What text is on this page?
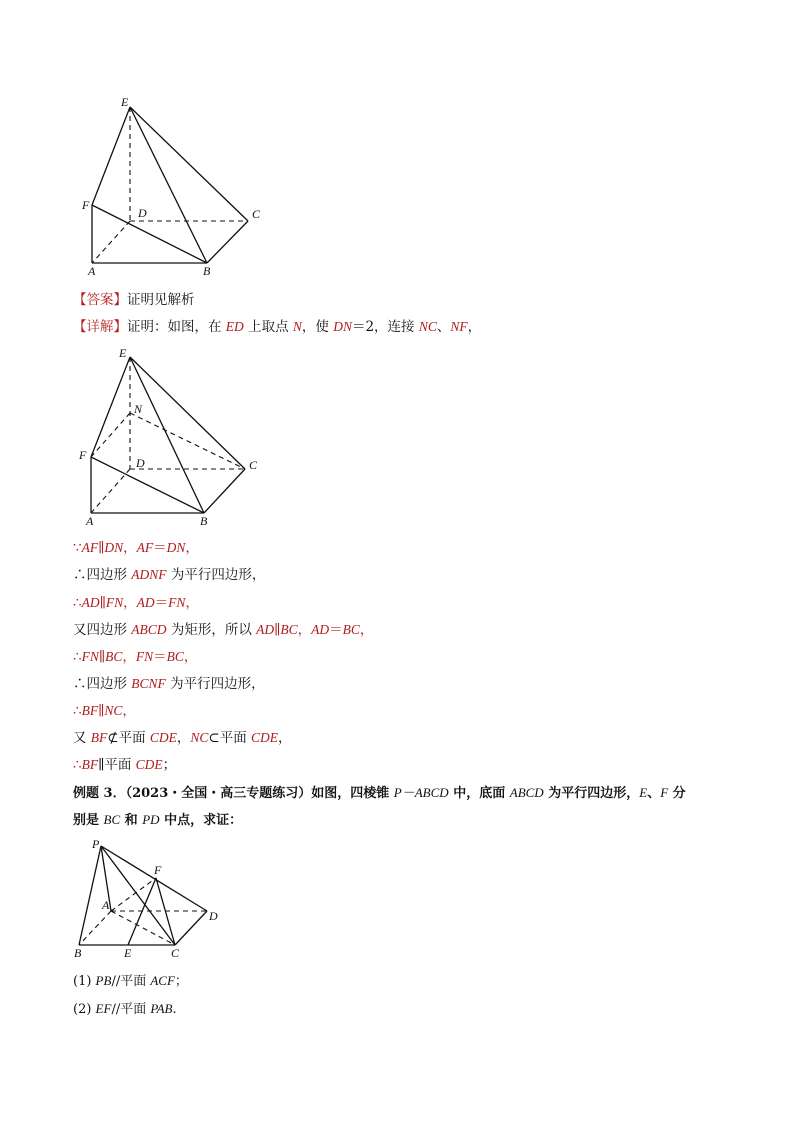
E
F
D	C
A	B
【答案】证明见解析
【详解】证明：如图，在 ED 上取点 N，使 DN＝2，连接 NC、NF，
E
N
F
D	C
A	B
∵AF∥DN，AF＝DN，
∴四边形 ADNF 为平行四边形，
∴AD∥FN，AD＝FN，
又四边形 ABCD 为矩形，所以 AD∥BC，AD＝BC，
∴FN∥BC，FN＝BC，
∴四边形 BCNF 为平行四边形，
∴BF∥NC，
又 BF⊄平面 CDE，NC⊂平面 CDE，
∴BF∥平面 CDE；
例题 3．（2023・全国・高三专题练习）如图，四棱锥 P－ABCD 中，底面 ABCD 为平行四边形，E、F 分
别是 BC 和 PD 中点，求证：
P
F
A
D
B	E	C
(1) PB//平面 ACF；
(2) EF//平面 PAB.
